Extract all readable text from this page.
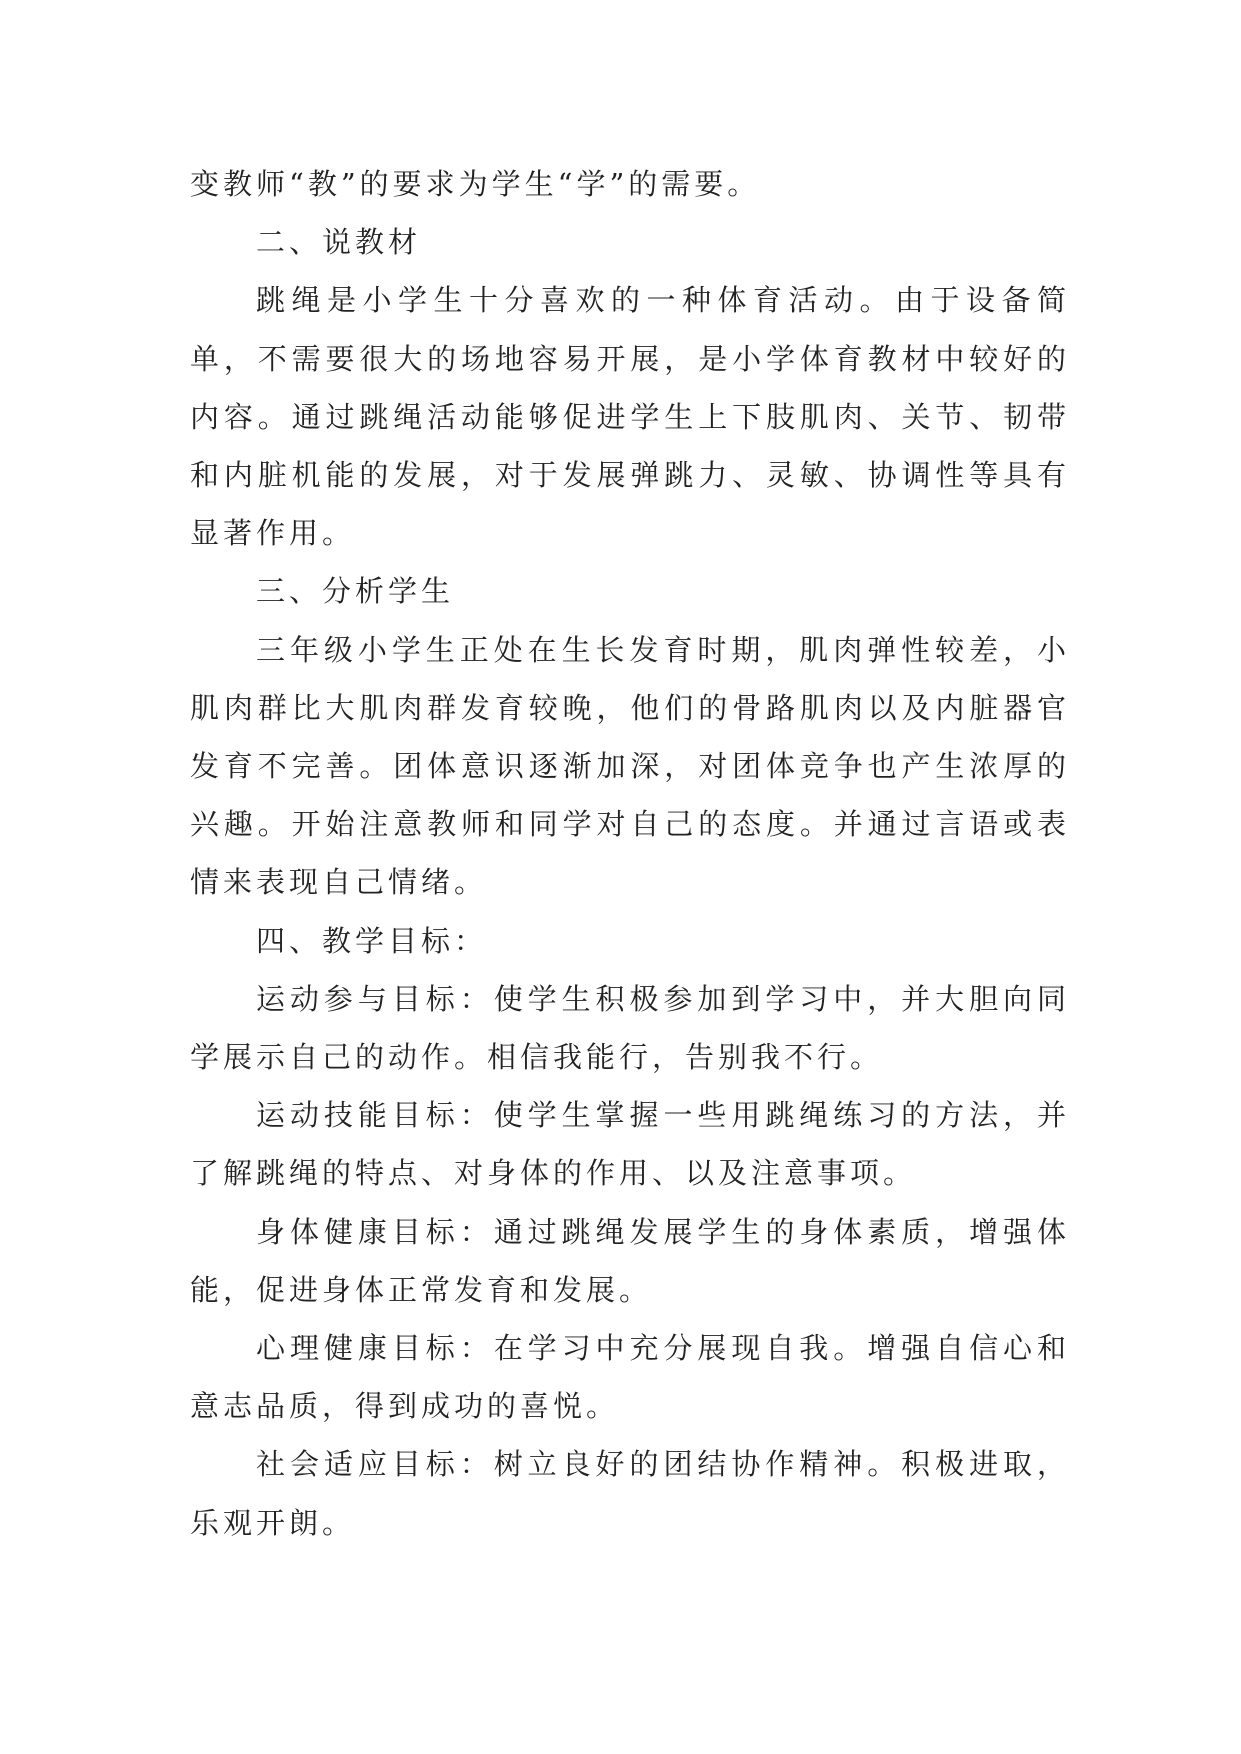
变教师“教”的要求为学生“学”的需要。

二、说教材

跳绳是小学生十分喜欢的一种体育活动。由于设备简单，不需要很大的场地容易开展，是小学体育教材中较好的内容。通过跳绳活动能够促进学生上下肢肌肉、关节、韧带和内脏机能的发展，对于发展弹跳力、灵敏、协调性等具有显著作用。

三、分析学生

三年级小学生正处在生长发育时期，肌肉弹性较差，小肌肉群比大肌肉群发育较晚，他们的骨路肌肉以及内脏器官发育不完善。团体意识逐渐加深，对团体竞争也产生浓厚的兴趣。开始注意教师和同学对自己的态度。并通过言语或表情来表现自己情绪。

四、教学目标：

运动参与目标：使学生积极参加到学习中，并大胆向同学展示自己的动作。相信我能行，告别我不行。

运动技能目标：使学生掌握一些用跳绳练习的方法，并了解跳绳的特点、对身体的作用、以及注意事项。

身体健康目标：通过跳绳发展学生的身体素质，增强体能，促进身体正常发育和发展。

心理健康目标：在学习中充分展现自我。增强自信心和意志品质，得到成功的喜悦。

社会适应目标：树立良好的团结协作精神。积极进取，乐观开朗。
